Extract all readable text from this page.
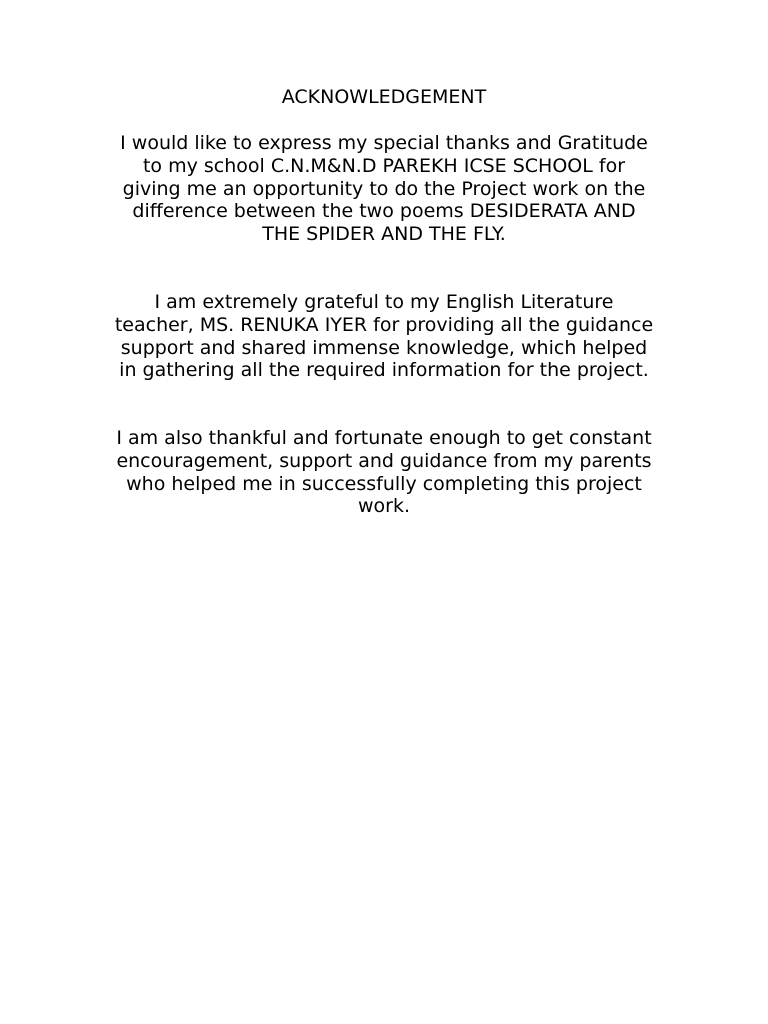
ACKNOWLEDGEMENT

I would like to express my special thanks and Gratitude to my school C.N.M&N.D PAREKH ICSE SCHOOL for giving me an opportunity to do the Project work on the difference between the two poems DESIDERATA AND THE SPIDER AND THE FLY.

I am extremely grateful to my English Literature teacher, MS. RENUKA IYER for providing all the guidance support and shared immense knowledge, which helped in gathering all the required information for the project.

I am also thankful and fortunate enough to get constant encouragement, support and guidance from my parents who helped me in successfully completing this project work.
